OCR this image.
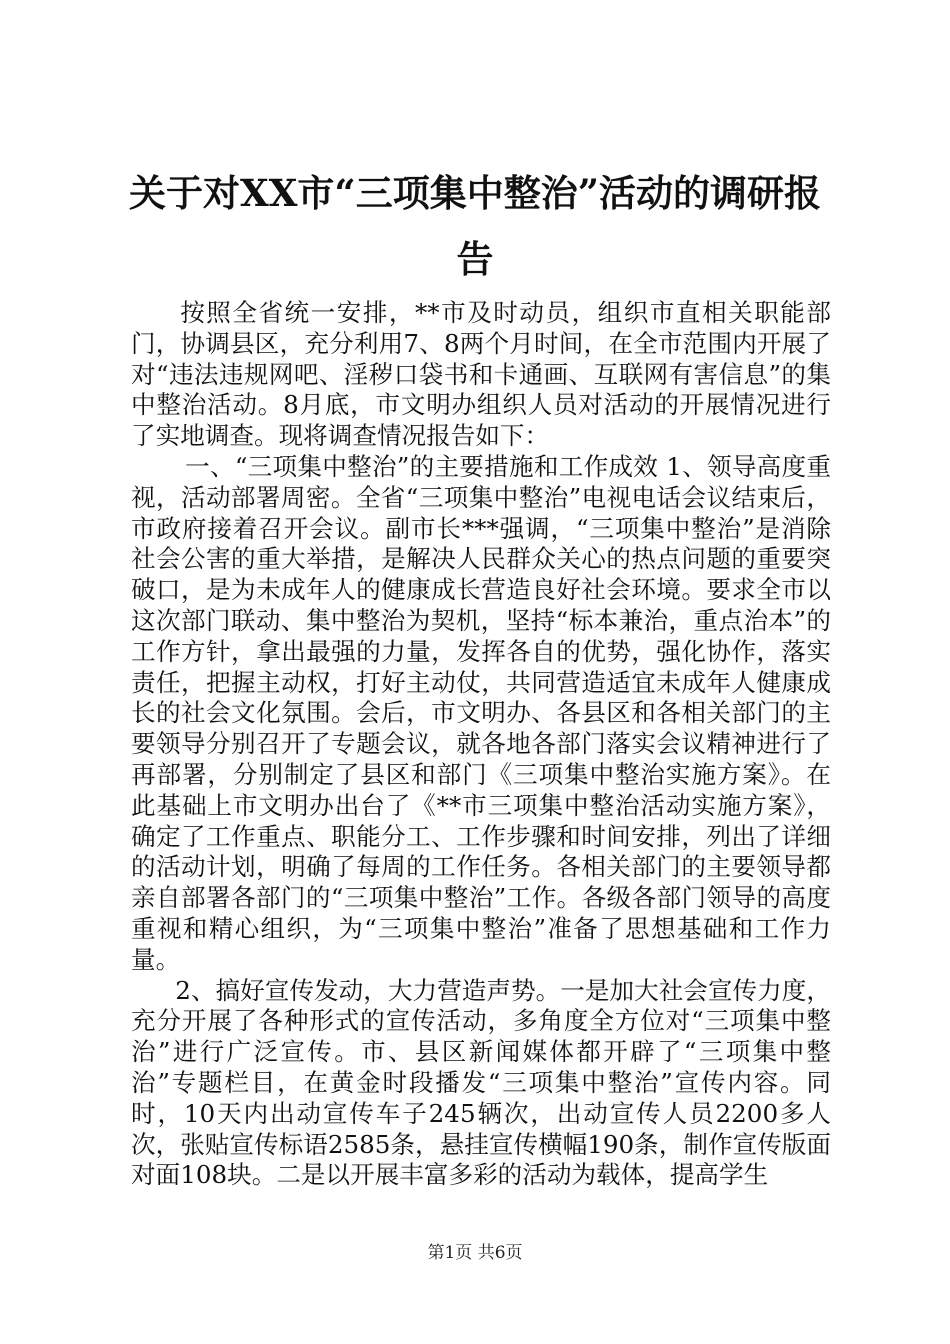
关于对XX市“三项集中整治”活动的调研报告

按照全省统一安排，**市及时动员，组织市直相关职能部门，协调县区，充分利用7、8两个月时间，在全市范围内开展了对“违法违规网吧、淫秽口袋书和卡通画、互联网有害信息”的集中整治活动。8月底，市文明办组织人员对活动的开展情况进行了实地调查。现将调查情况报告如下：

一、“三项集中整治”的主要措施和工作成效 1、领导高度重视，活动部署周密。全省“三项集中整治”电视电话会议结束后，市政府接着召开会议。副市长***强调，“三项集中整治”是消除社会公害的重大举措，是解决人民群众关心的热点问题的重要突破口，是为未成年人的健康成长营造良好社会环境。要求全市以这次部门联动、集中整治为契机，坚持“标本兼治，重点治本”的工作方针，拿出最强的力量，发挥各自的优势，强化协作，落实责任，把握主动权，打好主动仗，共同营造适宜未成年人健康成长的社会文化氛围。会后，市文明办、各县区和各相关部门的主要领导分别召开了专题会议，就各地各部门落实会议精神进行了再部署，分别制定了县区和部门《三项集中整治实施方案》。在此基础上市文明办出台了《**市三项集中整治活动实施方案》，确定了工作重点、职能分工、工作步骤和时间安排，列出了详细的活动计划，明确了每周的工作任务。各相关部门的主要领导都亲自部署各部门的“三项集中整治”工作。各级各部门领导的高度重视和精心组织，为“三项集中整治”准备了思想基础和工作力量。

2、搞好宣传发动，大力营造声势。一是加大社会宣传力度，充分开展了各种形式的宣传活动，多角度全方位对“三项集中整治”进行广泛宣传。市、县区新闻媒体都开辟了“三项集中整治”专题栏目，在黄金时段播发“三项集中整治”宣传内容。同时，10天内出动宣传车子245辆次，出动宣传人员2200多人次，张贴宣传标语2585条，悬挂宣传横幅190条，制作宣传版面对面108块。二是以开展丰富多彩的活动为载体，提高学生

第1页 共6页
